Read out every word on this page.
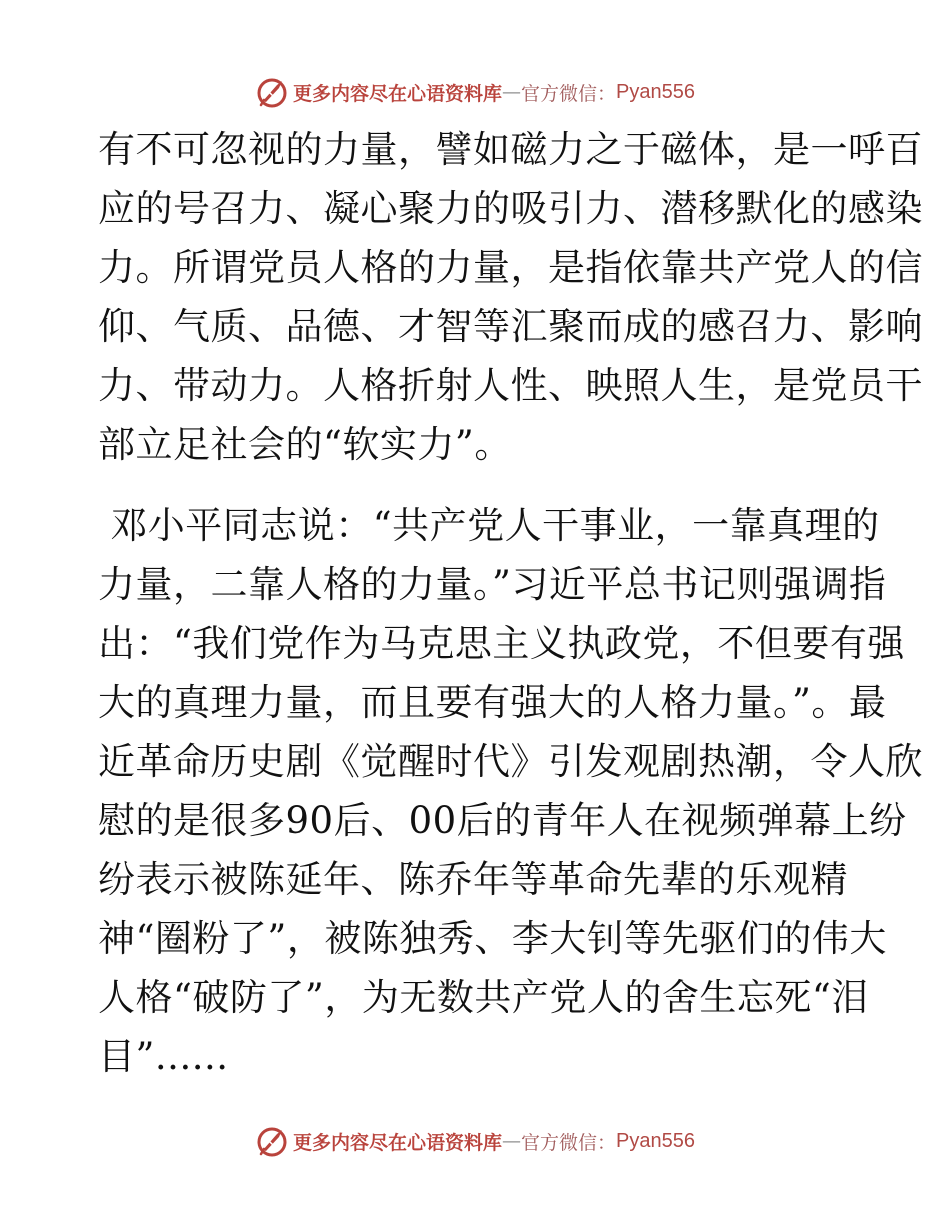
更多内容尽在心语资料库 — 官方微信： Pyan556
有不可忽视的力量，譬如磁力之于磁体，是一呼百
应的号召力、凝心聚力的吸引力、潜移默化的感染
力。所谓党员人格的力量，是指依靠共产党人的信
仰、气质、品德、才智等汇聚而成的感召力、影响
力、带动力。人格折射人性、映照人生，是党员干
部立足社会的“软实力”。
邓小平同志说：“共产党人干事业，一靠真理的
力量，二靠人格的力量。”习近平总书记则强调指
出：“我们党作为马克思主义执政党，不但要有强
大的真理力量，而且要有强大的人格力量。”。最
近革命历史剧《觉醒时代》引发观剧热潮，令人欣
慰的是很多90后、00后的青年人在视频弹幕上纷
纷表示被陈延年、陈乔年等革命先辈的乐观精
神“圈粉了”，被陈独秀、李大钊等先驱们的伟大
人格“破防了”，为无数共产党人的舍生忘死“泪
目”......
更多内容尽在心语资料库 — 官方微信： Pyan556
